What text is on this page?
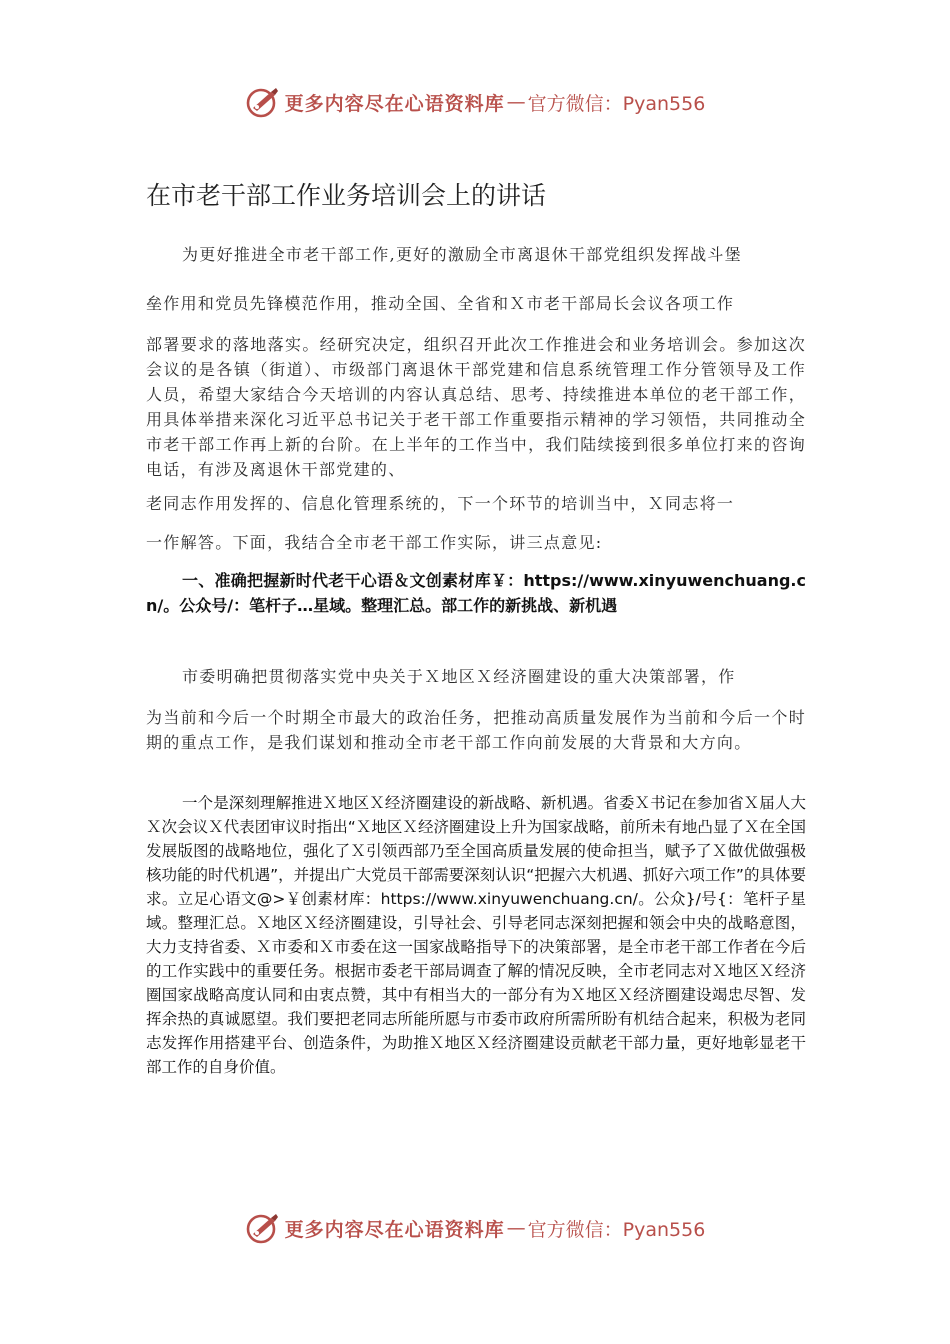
更多内容尽在心语资料库 — 官方微信：Pyan556
在市老干部工作业务培训会上的讲话
为更好推进全市老干部工作,更好的激励全市离退休干部党组织发挥战斗堡
垒作用和党员先锋模范作用，推动全国、全省和Ｘ市老干部局长会议各项工作
部署要求的落地落实。经研究决定，组织召开此次工作推进会和业务培训会。参加这次会议的是各镇（街道）、市级部门离退休干部党建和信息系统管理工作分管领导及工作人员，希望大家结合今天培训的内容认真总结、思考、持续推进本单位的老干部工作，用具体举措来深化习近平总书记关于老干部工作重要指示精神的学习领悟，共同推动全市老干部工作再上新的台阶。在上半年的工作当中，我们陆续接到很多单位打来的咨询电话，有涉及离退休干部党建的、
老同志作用发挥的、信息化管理系统的，下一个环节的培训当中，Ｘ同志将一
一作解答。下面，我结合全市老干部工作实际，讲三点意见:
一、准确把握新时代老干心语＆文创素材库￥：https://www.xinyuwenchuang.cn/。公众号/：笔杆子…星域。整理汇总。部工作的新挑战、新机遇
市委明确把贯彻落实党中央关于Ｘ地区Ｘ经济圈建设的重大决策部署，作
为当前和今后一个时期全市最大的政治任务，把推动高质量发展作为当前和今后一个时期的重点工作，是我们谋划和推动全市老干部工作向前发展的大背景和大方向。
一个是深刻理解推进Ｘ地区Ｘ经济圈建设的新战略、新机遇。省委Ｘ书记在参加省Ｘ届人大Ｘ次会议Ｘ代表团审议时指出“Ｘ地区Ｘ经济圈建设上升为国家战略，前所未有地凸显了Ｘ在全国发展版图的战略地位，强化了Ｘ引领西部乃至全国高质量发展的使命担当，赋予了Ｘ做优做强极核功能的时代机遇”，并提出广大党员干部需要深刻认识“把握六大机遇、抓好六项工作”的具体要求。立足心语文@>￥创素材库：https://www.xinyuwenchuang.cn/。公众}/号{：笔杆子星域。整理汇总。Ｘ地区Ｘ经济圈建设，引导社会、引导老同志深刻把握和领会中央的战略意图，大力支持省委、Ｘ市委和Ｘ市委在这一国家战略指导下的决策部署，是全市老干部工作者在今后的工作实践中的重要任务。根据市委老干部局调查了解的情况反映，全市老同志对Ｘ地区Ｘ经济圈国家战略高度认同和由衷点赞，其中有相当大的一部分有为Ｘ地区Ｘ经济圈建设竭忠尽智、发挥余热的真诚愿望。我们要把老同志所能所愿与市委市政府所需所盼有机结合起来，积极为老同志发挥作用搭建平台、创造条件，为助推Ｘ地区Ｘ经济圈建设贡献老干部力量，更好地彰显老干部工作的自身价值。
更多内容尽在心语资料库 — 官方微信：Pyan556
